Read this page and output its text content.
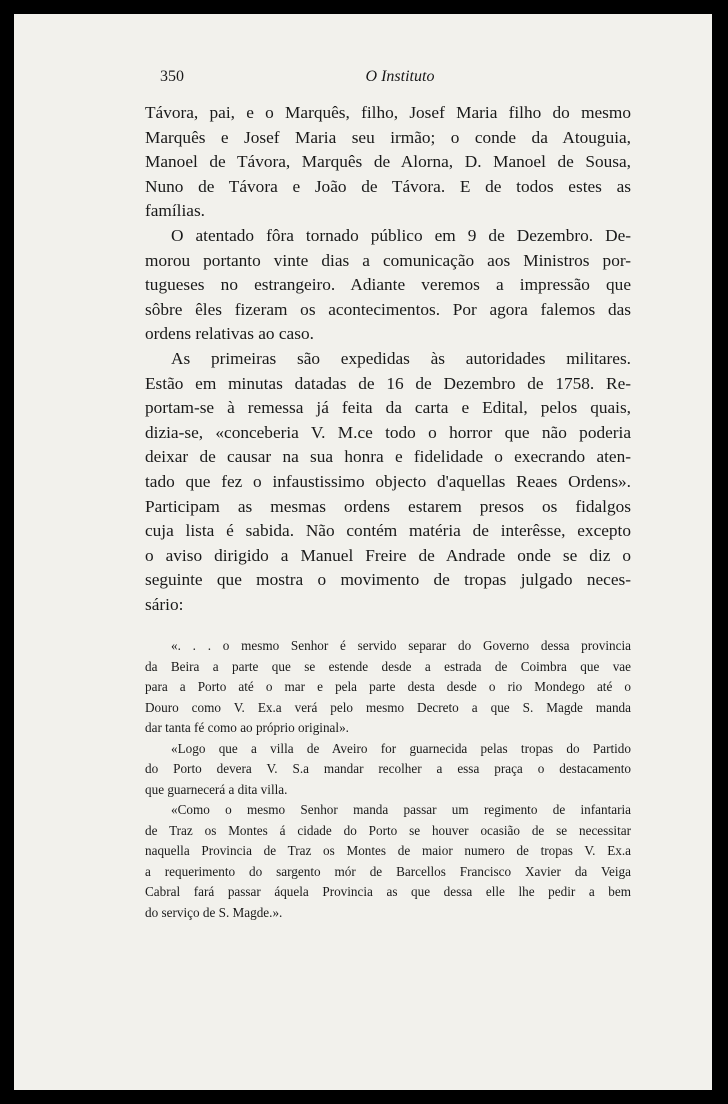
350	O Instituto

Távora, pai, e o Marquês, filho, Josef Maria filho do mesmo
Marquês e Josef Maria seu irmão; o conde da Atouguia,
Manoel de Távora, Marquês de Alorna, D. Manoel de Sousa,
Nuno de Távora e João de Távora. E de todos estes as
famílias.

O atentado fôra tornado público em 9 de Dezembro. De-
morou portanto vinte dias a comunicação aos Ministros por-
tugueses no estrangeiro. Adiante veremos a impressão que
sôbre êles fizeram os acontecimentos. Por agora falemos das
ordens relativas ao caso.

As primeiras são expedidas às autoridades militares.
Estão em minutas datadas de 16 de Dezembro de 1758. Re-
portam-se à remessa já feita da carta e Edital, pelos quais,
dizia-se, «conceberia V. M.ce todo o horror que não poderia
deixar de causar na sua honra e fidelidade o execrando aten-
tado que fez o infaustissimo objecto d'aquellas Reaes Ordens».
Participam as mesmas ordens estarem presos os fidalgos
cuja lista é sabida. Não contém matéria de interêsse, excepto
o aviso dirigido a Manuel Freire de Andrade onde se diz o
seguinte que mostra o movimento de tropas julgado neces-
sário:

«. . . o mesmo Senhor é servido separar do Governo dessa provincia
da Beira a parte que se estende desde a estrada de Coimbra que vae
para a Porto até o mar e pela parte desta desde o rio Mondego até o
Douro como V. Ex.a verá pelo mesmo Decreto a que S. Magde manda
dar tanta fé como ao próprio original».

«Logo que a villa de Aveiro for guarnecida pelas tropas do Partido
do Porto devera V. S.a mandar recolher a essa praça o destacamento
que guarnecerá a dita villa.

«Como o mesmo Senhor manda passar um regimento de infantaria
de Traz os Montes á cidade do Porto se houver ocasião de se necessitar
naquella Provincia de Traz os Montes de maior numero de tropas V. Ex.a
a requerimento do sargento mór de Barcellos Francisco Xavier da Veiga
Cabral fará passar áquela Provincia as que dessa elle lhe pedir a bem
do serviço de S. Magde.».
